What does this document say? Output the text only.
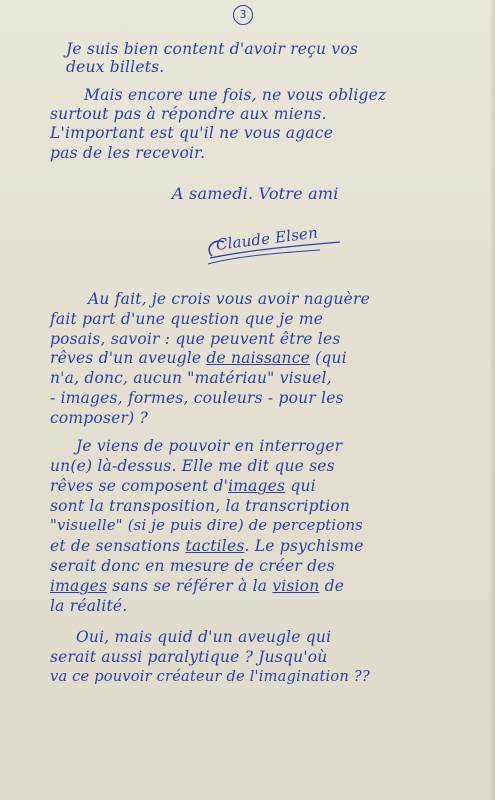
3
Je suis bien content d'avoir reçu vos
deux billets.
Mais encore une fois, ne vous obligez
surtout pas à répondre aux miens.
L'important est qu'il ne vous agace
pas de les recevoir.
A samedi. Votre ami
Claude Elsen
Au fait, je crois vous avoir naguère
fait part d'une question que je me
posais, savoir : que peuvent être les
rêves d'un aveugle de naissance (qui
n'a, donc, aucun "matériau" visuel,
- images, formes, couleurs - pour les
composer) ?
Je viens de pouvoir en interroger
un(e) là-dessus. Elle me dit que ses
rêves se composent d'images qui
sont la transposition, la transcription
"visuelle" (si je puis dire) de perceptions
et de sensations tactiles. Le psychisme
serait donc en mesure de créer des
images sans se référer à la vision de
la réalité.
Oui, mais quid d'un aveugle qui
serait aussi paralytique ? Jusqu'où
va ce pouvoir créateur de l'imagination ??
